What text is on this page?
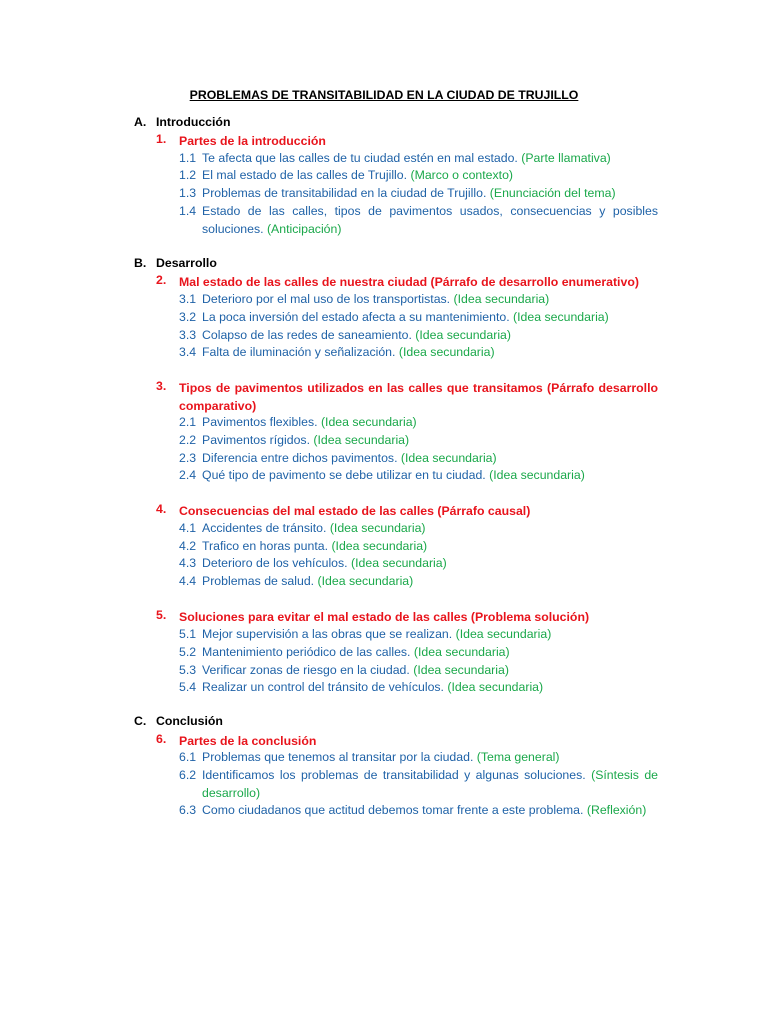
PROBLEMAS DE TRANSITABILIDAD EN LA CIUDAD DE TRUJILLO
A. Introducción
1. Partes de la introducción
1.1 Te afecta que las calles de tu ciudad estén en mal estado. (Parte llamativa)
1.2 El mal estado de las calles de Trujillo. (Marco o contexto)
1.3 Problemas de transitabilidad en la ciudad de Trujillo. (Enunciación del tema)
1.4 Estado de las calles, tipos de pavimentos usados, consecuencias y posibles soluciones. (Anticipación)
B. Desarrollo
2. Mal estado de las calles de nuestra ciudad (Párrafo de desarrollo enumerativo)
3.1 Deterioro por el mal uso de los transportistas. (Idea secundaria)
3.2 La poca inversión del estado afecta a su mantenimiento. (Idea secundaria)
3.3 Colapso de las redes de saneamiento. (Idea secundaria)
3.4 Falta de iluminación y señalización. (Idea secundaria)
3. Tipos de pavimentos utilizados en las calles que transitamos (Párrafo desarrollo comparativo)
2.1 Pavimentos flexibles. (Idea secundaria)
2.2 Pavimentos rígidos. (Idea secundaria)
2.3 Diferencia entre dichos pavimentos. (Idea secundaria)
2.4 Qué tipo de pavimento se debe utilizar en tu ciudad. (Idea secundaria)
4. Consecuencias del mal estado de las calles (Párrafo causal)
4.1 Accidentes de tránsito. (Idea secundaria)
4.2 Trafico en horas punta. (Idea secundaria)
4.3 Deterioro de los vehículos. (Idea secundaria)
4.4 Problemas de salud. (Idea secundaria)
5. Soluciones para evitar el mal estado de las calles (Problema solución)
5.1 Mejor supervisión a las obras que se realizan. (Idea secundaria)
5.2 Mantenimiento periódico de las calles. (Idea secundaria)
5.3 Verificar zonas de riesgo en la ciudad. (Idea secundaria)
5.4 Realizar un control del tránsito de vehículos. (Idea secundaria)
C. Conclusión
6. Partes de la conclusión
6.1 Problemas que tenemos al transitar por la ciudad. (Tema general)
6.2 Identificamos los problemas de transitabilidad y algunas soluciones. (Síntesis de desarrollo)
6.3 Como ciudadanos que actitud debemos tomar frente a este problema. (Reflexión)
